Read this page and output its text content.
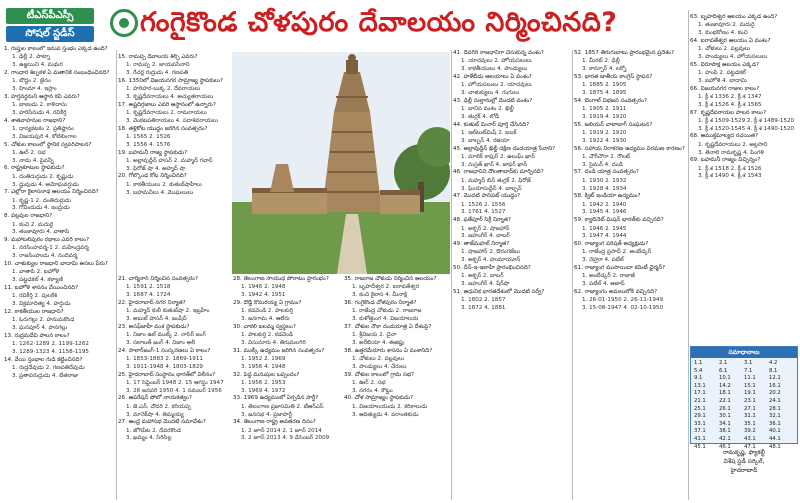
టీఎస్‌పీఎస్సీ
సోషల్ స్టడీస్	గంగైకొండ చోళపురం దేవాలయం నిర్మించినది?
1. గుప్తుల కాలంలో ఇనుప స్తంభం ఎక్కడ ఉంది?
1. ఢిల్లీ 2. పాట్నా
3. ఉజ్జయిని 4. మథుర
2. గాంధార శిల్పకళ ఏ మతానికి సంబంధించినది?
1. బౌద్ధం 2. జైనం
3. హిందూ 4. ఇస్లాం
3. హర్షవర్ధనుని ఆస్థాన కవి ఎవరు?
1. బాణుడు 2. కాళిదాసు
3. హరిసేనుడు 4. రవికీర్తి
4. శాతవాహనుల రాజధాని?
1. ధాన్యకటకం 2. ప్రతిష్ఠానం
3. విజయపురి 4. కోటిలింగాల
5. చోళుల కాలంలో స్థానిక స్వపరిపాలన?
1. ఊర్ 2. సభ
3. నాడు 4. పైవన్నీ
6. రాష్ట్రకూటుల స్థాపకుడు?
1. దంతిదుర్గుడు 2. కృష్ణుడు
3. ధ్రువుడు 4. అమోఘవర్షుడు
7. ఎల్లోరా కైలాసనాథ ఆలయం నిర్మించినది?
1. కృష్ణ-1 2. దంతిదుర్గుడు
3. గోవిందుడు 4. ఇంద్రుడు
8. పల్లవుల రాజధాని?
1. కంచి 2. మదురై
3. తంజావూరు 4. వాతాపి
9. మహాబలిపురం రథాలు ఎవరి కాలం?
1. నరసింహవర్మ-1 2. మహేంద్రవర్మ
3. రాజసింహుడు 4. నందివర్మ
10. చాళుక్యుల రాజధాని బాదామి అసలు పేరు?
1. వాతాపి 2. ఐహోళె
3. పట్టడకల్ 4. కళ్యాణి
11. ఐహోళె శాసనం వేయించినది?
1. రవికీర్తి 2. పులకేశి
3. విక్రమాదిత్య 4. హర్షుడు
12. కాకతీయుల రాజధాని?
1. ఓరుగల్లు 2. హనుమకొండ
3. ఘనపూర్ 4. పానగల్లు
13. రుద్రమదేవి పాలన కాలం?
1. 1262-1289 2. 1199-1262
3. 1289-1323 4. 1158-1195
14. వేయి స్తంభాల గుడి కట్టించినది?
1. రుద్రదేవుడు 2. గణపతిదేవుడు
3. ప్రతాపరుద్రుడు 4. బేతరాజు
15. రామప్ప దేవాలయ శిల్పి ఎవరు?
1. రామప్ప 2. జాయపసేనాని
3. రేచర్ల రుద్రుడు 4. గణపతి
16. 1350లో విజయనగర సామ్రాజ్య స్థాపకులు?
1. హరిహర-బుక్క 2. దేవరాయలు
3. కృష్ణదేవరాయలు 4. అచ్యుతరాయలు
17. అష్టదిగ్గజాలు ఎవరి ఆస్థానంలో ఉన్నారు?
1. కృష్ణదేవరాయలు 2. రామరాయలు
3. వెంకటపతిరాయలు 4. సదాశివరాయలు
18. తళ్లికోట యుద్ధం జరిగిన సంవత్సరం?
1. 1565 2. 1526
3. 1556 4. 1576
19. బహమనీ రాజ్య స్థాపకుడు?
1. అల్లావుద్దీన్ హసన్ 2. మహ్మద్ గవాన్
3. ఫిరోజ్ షా 4. అహ్మద్ షా
20. గోల్కొండ కోట నిర్మించినది?
1. కాకతీయులు 2. కుతుబ్‌షాహీలు
3. బహమనీలు 4. మొఘలులు
21. చార్మినార్ నిర్మించిన సంవత్సరం?
1. 1591 2. 1518
3. 1687 4. 1724
22. హైదరాబాద్ నగర నిర్మాత?
1. మహ్మద్ కులీ కుతుబ్‌షా 2. ఇబ్రహీం
3. అబుల్ హసన్ 4. జంషీద్
23. అసఫ్‌జాహీ వంశ స్థాపకుడు?
1. నిజాం ఉల్ ముల్క్ 2. నాసిర్ జంగ్
3. సలాబత్ జంగ్ 4. నిజాం అలీ
24. సాలార్‌జంగ్-1 సంస్కరణలు ఏ కాలం?
1. 1853-1883 2. 1869-1911
3. 1911-1948 4. 1803-1829
25. హైదరాబాద్ సంస్థానం భారత్‌లో విలీనం?
1. 17 సెప్టెంబర్ 1948 2. 15 ఆగస్టు 1947
3. 26 జనవరి 1950 4. 1 నవంబర్ 1956
26. ఆపరేషన్ పోలో నాయకత్వం?
1. జె.ఎన్. చౌదరి 2. కరియప్ప
3. మానెక్‌షా 4. తిమ్మయ్య
27. ఆంధ్ర మహాసభ మొదటి సమావేశం?
1. జోగిపేట 2. దేవరకొండ
3. ఖమ్మం 4. సిరిసిల్ల
28. తెలంగాణ సాయుధ పోరాటం ప్రారంభం?
1. 1946 2. 1948
3. 1942 4. 1951
29. దొడ్డి కొమరయ్య ఏ గ్రామం?
1. కడవెండి 2. పాలకుర్తి
3. జనగామ 4. ఆలేరు
30. చాకలి ఐలమ్మ స్వస్థలం?
1. పాలకుర్తి 2. కడవెండి
3. విసునూరు 4. తిరుమలగిరి
31. ముల్కీ ఉద్యమం జరిగిన సంవత్సరం?
1. 1952 2. 1969
3. 1956 4. 1948
32. పెద్ద మనుషుల ఒప్పందం?
1. 1956 2. 1953
3. 1969 4. 1972
33. 1969 ఉద్యమంలో ఏర్పడిన పార్టీ?
1. తెలంగాణ ప్రజాసమితి 2. టీఆర్ఎస్
3. జనసభ 4. ప్రజాపార్టీ
34. తెలంగాణ రాష్ట్ర అవతరణ దినం?
1. 2 జూన్ 2014 2. 1 జూన్ 2014
3. 2 జూన్ 2013 4. 9 డిసెంబర్ 2009
35. రాజరాజ చోళుడు నిర్మించిన ఆలయం?
1. బృహదీశ్వర 2. ఐరావతేశ్వర
3. కంచి కైలాస 4. మీనాక్షి
36. గంగైకొండ చోళపురం నిర్మాత?
1. రాజేంద్ర చోళుడు 2. రాజరాజ
3. కుళోత్తుంగ 4. విజయాలయ
37. చోళుల నౌకా దండయాత్ర ఏ దేశంపై?
1. శ్రీవిజయ 2. చైనా
3. అరేబియా 4. ఈజిప్టు
38. ఉత్తరమేరూరు శాసనం ఏ వంశానిది?
1. చోళులు 2. పల్లవులు
3. పాండ్యులు 4. చేరులు
39. చోళుల కాలంలో గ్రామ సభ?
1. ఊర్ 2. సభ
3. నగరం 4. కొట్టం
40. చోళ సామ్రాజ్యం స్థాపకుడు?
1. విజయాలయుడు 2. కరికాలుడు
3. ఆదిత్యుడు 4. పరాంతకుడు
41. దేవగిరి రాజధానిగా చేసుకున్న వంశం?
1. యాదవులు 2. హోయసలులు
3. కాకతీయులు 4. పాండ్యులు
42. హళేబీడు ఆలయాలు ఏ వంశం?
1. హోయసలులు 2. యాదవులు
3. చాళుక్యులు 4. గంగులు
43. ఢిల్లీ సుల్తానుల్లో మొదటి వంశం?
1. బానిస వంశం 2. ఖిల్జీ
3. తుగ్లక్ 4. లోడీ
44. కుతుబ్ మినార్ పూర్తి చేసినది?
1. ఇల్‌టుట్‌మిష్ 2. ఐబక్
3. బాల్బన్ 4. రజియా
45. అల్లావుద్దీన్ ఖిల్జీ దక్షిణ దండయాత్ర సేనాని?
1. మాలిక్ కాఫుర్ 2. ఉలుఘ్ ఖాన్
3. నుస్రత్ ఖాన్ 4. జాఫర్ ఖాన్
46. రాజధానిని దౌలతాబాద్‌కు మార్చినది?
1. మహ్మద్ బిన్ తుగ్లక్ 2. ఫిరోజ్
3. ఘియాసుద్దీన్ 4. బాల్బన్
47. మొదటి పానిపట్ యుద్ధం?
1. 1526 2. 1556
3. 1761 4. 1527
48. ఫతేపూర్ సిక్రీ నిర్మాత?
1. అక్బర్ 2. షాజహాన్
3. జహంగీర్ 4. బాబర్
49. తాజ్‌మహల్ నిర్మాత?
1. షాజహాన్ 2. ఔరంగజేబు
3. అక్బర్ 4. హుమాయూన్
50. దీన్-ఇ-ఇలాహీ ప్రారంభించినది?
1. అక్బర్ 2. బాబర్
3. జహంగీర్ 4. షేర్‌షా
51. ఆధునిక భారతదేశంలో మొదటి సర్వే?
1. 1802 2. 1857
3. 1872 4. 1881
52. 1857 తిరుగుబాటు ప్రారంభమైన ప్రదేశం?
1. మీరట్ 2. ఢిల్లీ
3. కాన్పూర్ 4. లక్నో
53. భారత జాతీయ కాంగ్రెస్ స్థాపన?
1. 1885 2. 1905
3. 1875 4. 1895
54. బెంగాల్ విభజన సంవత్సరం?
1. 1905 2. 1911
3. 1919 4. 1920
55. జలియన్ వాలాబాగ్ సంఘటన?
1. 1919 2. 1920
3. 1922 4. 1930
56. సహాయ నిరాకరణ ఉద్యమం విరమణ కారణం?
1. చౌరీచౌరా 2. రౌలట్
3. సైమన్ 4. దండి
57. దండి యాత్ర సంవత్సరం?
1. 1930 2. 1932
3. 1928 4. 1934
58. క్విట్ ఇండియా ఉద్యమం?
1. 1942 2. 1940
3. 1945 4. 1946
59. క్యాబినెట్ మిషన్ భారత్‌కు వచ్చినది?
1. 1946 2. 1945
3. 1947 4. 1944
60. రాజ్యాంగ పరిషత్ అధ్యక్షుడు?
1. రాజేంద్ర ప్రసాద్ 2. అంబేడ్కర్
3. నెహ్రూ 4. పటేల్
61. రాజ్యాంగ ముసాయిదా కమిటీ ఛైర్మన్?
1. అంబేడ్కర్ 2. రాజాజీ
3. పటేల్ 4. ఆజాద్
62. రాజ్యాంగం అమలులోకి వచ్చినది?
1. 26-01-1950 2. 26-11-1949
3. 15-08-1947 4. 02-10-1950
63. బృహదీశ్వర ఆలయం ఎక్కడ ఉంది?
1. తంజావూరు 2. మదురై
3. కుంభకోణం 4. కంచి
64. ఐరావతేశ్వర ఆలయం ఏ వంశం?
1. చోళులు 2. పల్లవులు
3. పాండ్యులు 4. హోయసలులు
65. విరూపాక్ష ఆలయం ఎక్కడ?
1. హంపి 2. పట్టడకల్
3. ఐహోళె 4. బాదామి
66. విజయనగర రాజుల కాలం?
1. క్రీ.శ 1336 2. క్రీ.శ 1347
3. క్రీ.శ 1526 4. క్రీ.శ 1565
67. కృష్ణదేవరాయల పాలన కాలం?
1. క్రీ.శ 1509-1529 2. క్రీ.శ 1489-1520
3. క్రీ.శ 1520-1545 4. క్రీ.శ 1490-1520
68. ఆముక్తమాల్యద రచయిత?
1. కృష్ణదేవరాయలు 2. అల్లసాని
3. తెనాలి రామకృష్ణ 4. పింగళి
69. బహమనీ రాజ్యం విచ్ఛిన్నం?
1. క్రీ.శ 1518 2. క్రీ.శ 1526
3. క్రీ.శ 1490 4. క్రీ.శ 1543
సమాధానాలు
1.1	2.1	3.1	4.2
5.4	6.1	7.1	8.1
9.1	10.1	11.1	12.1
13.1	14.2	15.1	16.1
17.1	18.1	19.1	20.2
21.1	22.1	23.1	24.1
25.1	26.1	27.1	28.1
29.1	30.1	31.1	32.1
33.1	34.1	35.1	36.1
37.1	38.1	39.2	40.1
41.1	42.1	43.1	44.1
45.1	46.1	47.1	48.1
రామకృష్ణ, ఫ్యాకల్టీ
విశేష స్టడీ సర్కిల్,
హైదరాబాద్
